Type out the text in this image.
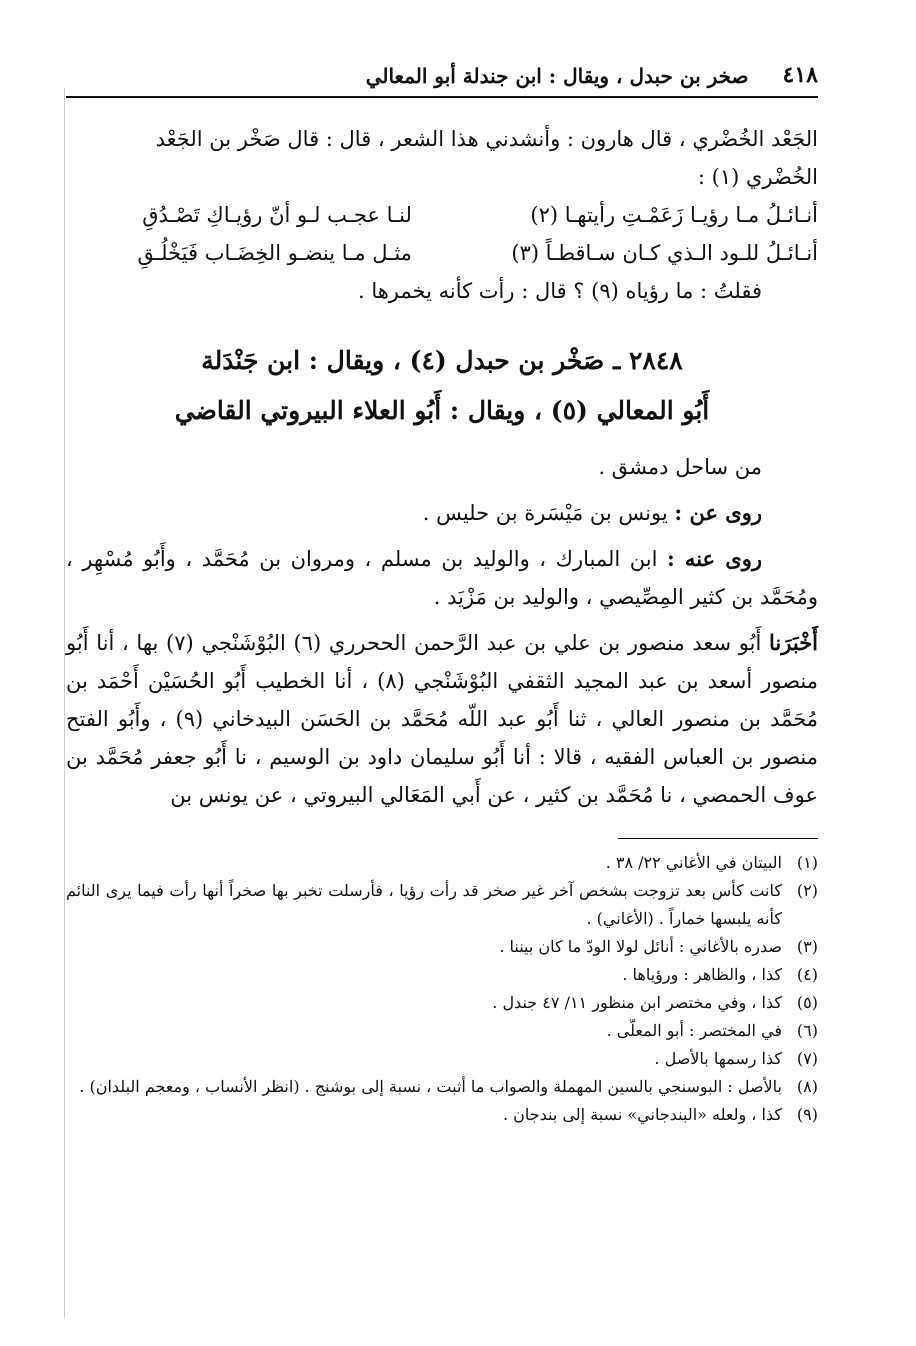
٤١٨
صخر بن حبدل ، ويقال : ابن جندلة أبو المعالي

الجَعْد الخُضْري ، قال هارون : وأنشدني هذا الشعر ، قال : قال صَخْر بن الجَعْد

الخُضْري (١) :

أنـائـلُ مـا رؤيـا زَعَمْـتِ رأيتهـا (٢)
لنـا عجـب لـو أنّ رؤيـاكِ تَصْـدُقِ
أنـائـلُ للـود الـذي كـان سـاقطـاً (٣)
مثـل مـا ينضـو الخِضَـاب فَيَخْلُـقِ

فقلتُ : ما رؤياه (٩) ؟ قال : رأت كأنه يخمرها .

٢٨٤٨ ـ صَخْر بن حبدل (٤) ، ويقال : ابن جَنْدَلة
أَبُو المعالي (٥) ، ويقال : أَبُو العلاء البيروتي القاضي

من ساحل دمشق .

روى عن : يونس بن مَيْسَرة بن حليس .

روى عنه : ابن المبارك ، والوليد بن مسلم ، ومروان بن مُحَمَّد ، وأَبُو مُسْهِر ، ومُحَمَّد بن كثير المِصِّيصي ، والوليد بن مَزْيَد .

أَخْبَرَنا أَبُو سعد منصور بن علي بن عبد الرَّحمن الححرري (٦) البُوْشَنْجي (٧) بها ، أنا أَبُو منصور أسعد بن عبد المجيد الثقفي البُوْشَنْجي (٨) ، أنا الخطيب أَبُو الحُسَيْن أَحْمَد بن مُحَمَّد بن منصور العالي ، ثنا أَبُو عبد اللّه مُحَمَّد بن الحَسَن البيدخاني (٩) ، وأَبُو الفتح منصور بن العباس الفقيه ، قالا : أنا أَبُو سليمان داود بن الوسيم ، نا أَبُو جعفر مُحَمَّد بن عوف الحمصي ، نا مُحَمَّد بن كثير ، عن أَبي المَعَالي البيروتي ، عن يونس بن

(١)
البيتان في الأغاني ٢٢/ ٣٨ .
(٢)
كانت كأس بعد تزوجت بشخص آخر غير صخر قد رأت رؤيا ، فأرسلت تخبر بها صخراً أنها رأت فيما يرى النائم كأنه يلبسها خماراً . (الأغاني) .
(٣)
صدره بالأغاني : أنائل لولا الودّ ما كان بيننا .
(٤)
كذا ، والظاهر : ورؤياها .
(٥)
كذا ، وفي مختصر ابن منظور ١١/ ٤٧ جندل .
(٦)
في المختصر : أبو المعلّى .
(٧)
كذا رسمها بالأصل .
(٨)
بالأصل : البوسنجي بالسين المهملة والصواب ما أثبت ، نسبة إلى بوشنج . (انظر الأنساب ، ومعجم البلدان) .
(٩)
كذا ، ولعله «البندجاني» نسبة إلى بندجان .
